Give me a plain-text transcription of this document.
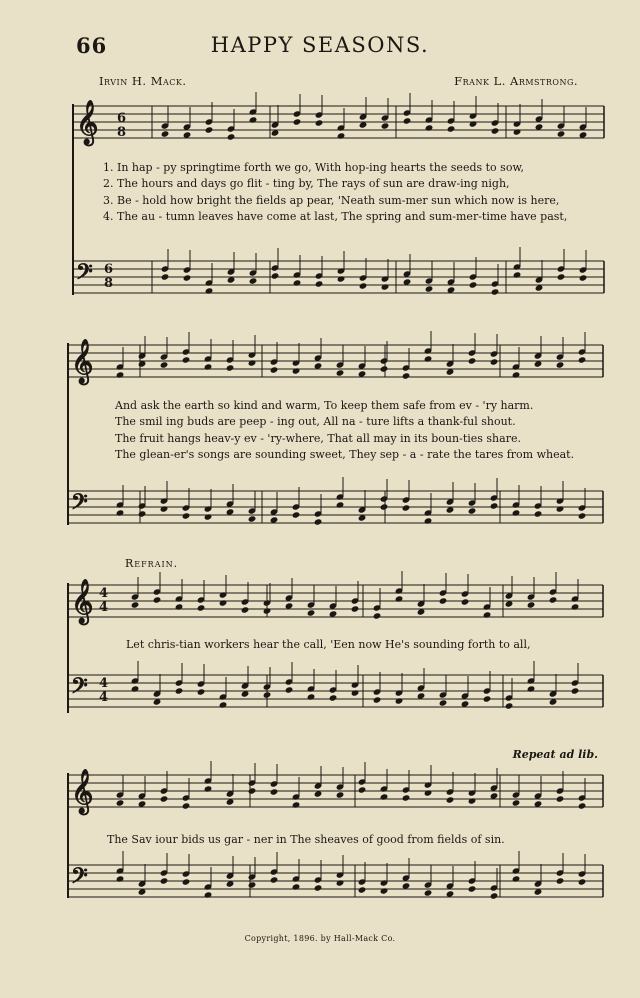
66	HAPPY SEASONS.
Irvin H. Mack.	Frank L. Armstrong.
𝄞
𝄢
𝄞
𝄢
𝄞
𝄢
𝄞
𝄢
6
8
6
8
4
4
4
4
1. In hap - py springtime forth we go, With hop-ing hearts the seeds to sow,
2. The hours and days go flit - ting by, The rays of sun are draw-ing nigh,
3. Be - hold how bright the fields ap pear, 'Neath sum-mer sun which now is here,
4. The au - tumn leaves have come at last, The spring and sum-mer-time have past,
And ask the earth so kind and warm, To keep them safe from ev - 'ry harm.
The smil ing buds are peep - ing out, All na - ture lifts a thank-ful shout.
The fruit hangs heav-y ev - 'ry-where, That all may in its boun-ties share.
The glean-er's songs are sounding sweet, They sep - a - rate the tares from wheat.
Refrain.
Let chris-tian workers hear the call, 'Een now He's sounding forth to all,
Repeat ad lib.
The Sav iour bids us gar - ner in The sheaves of good from fields of sin.
Copyright, 1896. by Hall-Mack Co.
